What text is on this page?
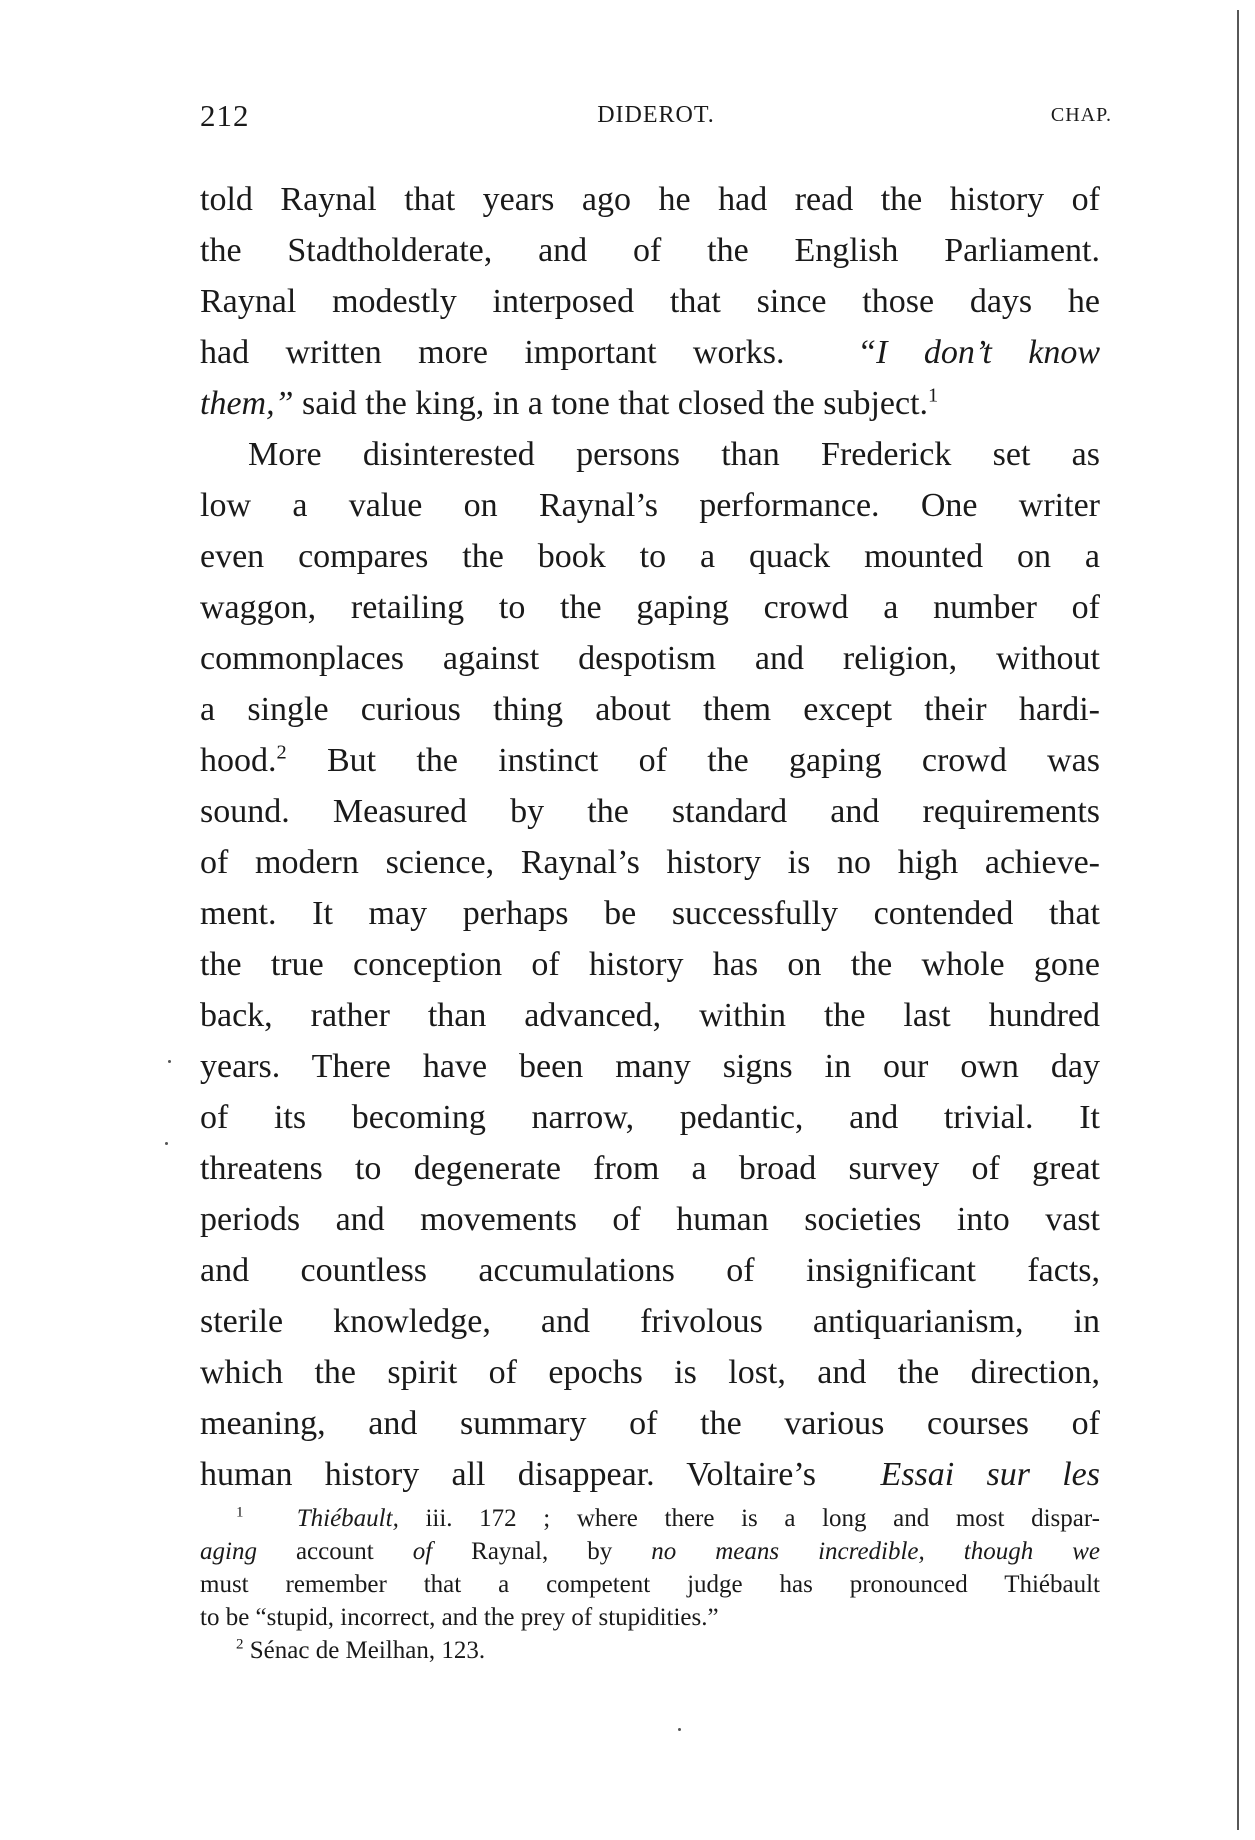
212	DIDEROT.	CHAP.
told Raynal that years ago he had read the history of
the Stadtholderate, and of the English Parliament.
Raynal modestly interposed that since those days he
had written more important works. “I don’t know
them,” said the king, in a tone that closed the subject.$^1$
More disinterested persons than Frederick set as
low a value on Raynal’s performance. One writer
even compares the book to a quack mounted on a
waggon, retailing to the gaping crowd a number of
commonplaces against despotism and religion, without
a single curious thing about them except their hardi-
hood.$^2$ But the instinct of the gaping crowd was
sound. Measured by the standard and requirements
of modern science, Raynal’s history is no high achieve-
ment. It may perhaps be successfully contended that
the true conception of history has on the whole gone
back, rather than advanced, within the last hundred
years. There have been many signs in our own day
of its becoming narrow, pedantic, and trivial. It
threatens to degenerate from a broad survey of great
periods and movements of human societies into vast
and countless accumulations of insignificant facts,
sterile knowledge, and frivolous antiquarianism, in
which the spirit of epochs is lost, and the direction,
meaning, and summary of the various courses of
human history all disappear. Voltaire’s Essai sur les
$^1$ Thiébault, iii. 172 ; where there is a long and most dispar-
aging account of Raynal, by no means incredible, though we
must remember that a competent judge has pronounced Thiébault
to be “stupid, incorrect, and the prey of stupidities.”
$^2$ Sénac de Meilhan, 123.
